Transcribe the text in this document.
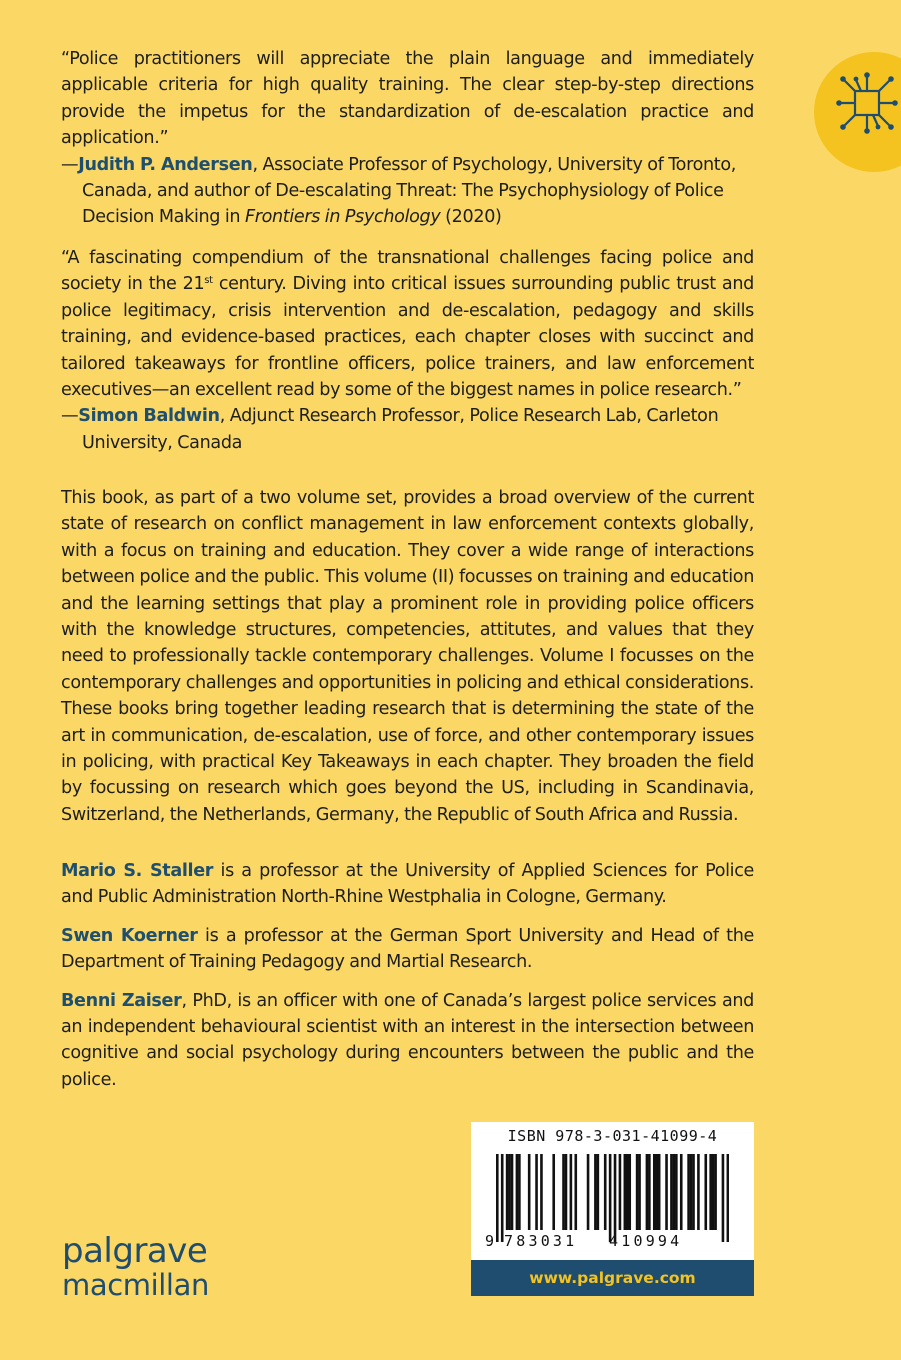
“Police practitioners will appreciate the plain language and immediately applicable criteria for high quality training. The clear step-by-step directions provide the impetus for the standardization of de-escalation practice and application.”

—Judith P. Andersen, Associate Professor of Psychology, University of Toronto, Canada, and author of De-escalating Threat: The Psychophysiology of Police Decision Making in Frontiers in Psychology (2020)

“A fascinating compendium of the transnational challenges facing police and society in the 21st century. Diving into critical issues surrounding public trust and police legitimacy, crisis intervention and de-escalation, pedagogy and skills training, and evidence-based practices, each chapter closes with succinct and tailored takeaways for frontline officers, police trainers, and law enforcement executives—an excellent read by some of the biggest names in police research.”

—Simon Baldwin, Adjunct Research Professor, Police Research Lab, Carleton University, Canada

This book, as part of a two volume set, provides a broad overview of the current state of research on conflict management in law enforcement contexts globally, with a focus on training and education. They cover a wide range of interactions between police and the public. This volume (II) focusses on training and education and the learning settings that play a prominent role in providing police officers with the knowledge structures, competencies, attitutes, and values that they need to professionally tackle contemporary challenges. Volume I focusses on the contemporary challenges and opportunities in policing and ethical considerations. These books bring together leading research that is determining the state of the art in communication, de-escalation, use of force, and other contemporary issues in policing, with practical Key Takeaways in each chapter. They broaden the field by focussing on research which goes beyond the US, including in Scandinavia, Switzerland, the Netherlands, Germany, the Republic of South Africa and Russia.

Mario S. Staller is a professor at the University of Applied Sciences for Police and Public Administration North-Rhine Westphalia in Cologne, Germany.

Swen Koerner is a professor at the German Sport University and Head of the Department of Training Pedagogy and Martial Research.

Benni Zaiser, PhD, is an officer with one of Canada’s largest police services and an independent behavioural scientist with an interest in the intersection between cognitive and social psychology during encounters between the public and the police.

palgrave
macmillan
ISBN 978-3-031-41099-4
9 783031 410994
www.palgrave.com
